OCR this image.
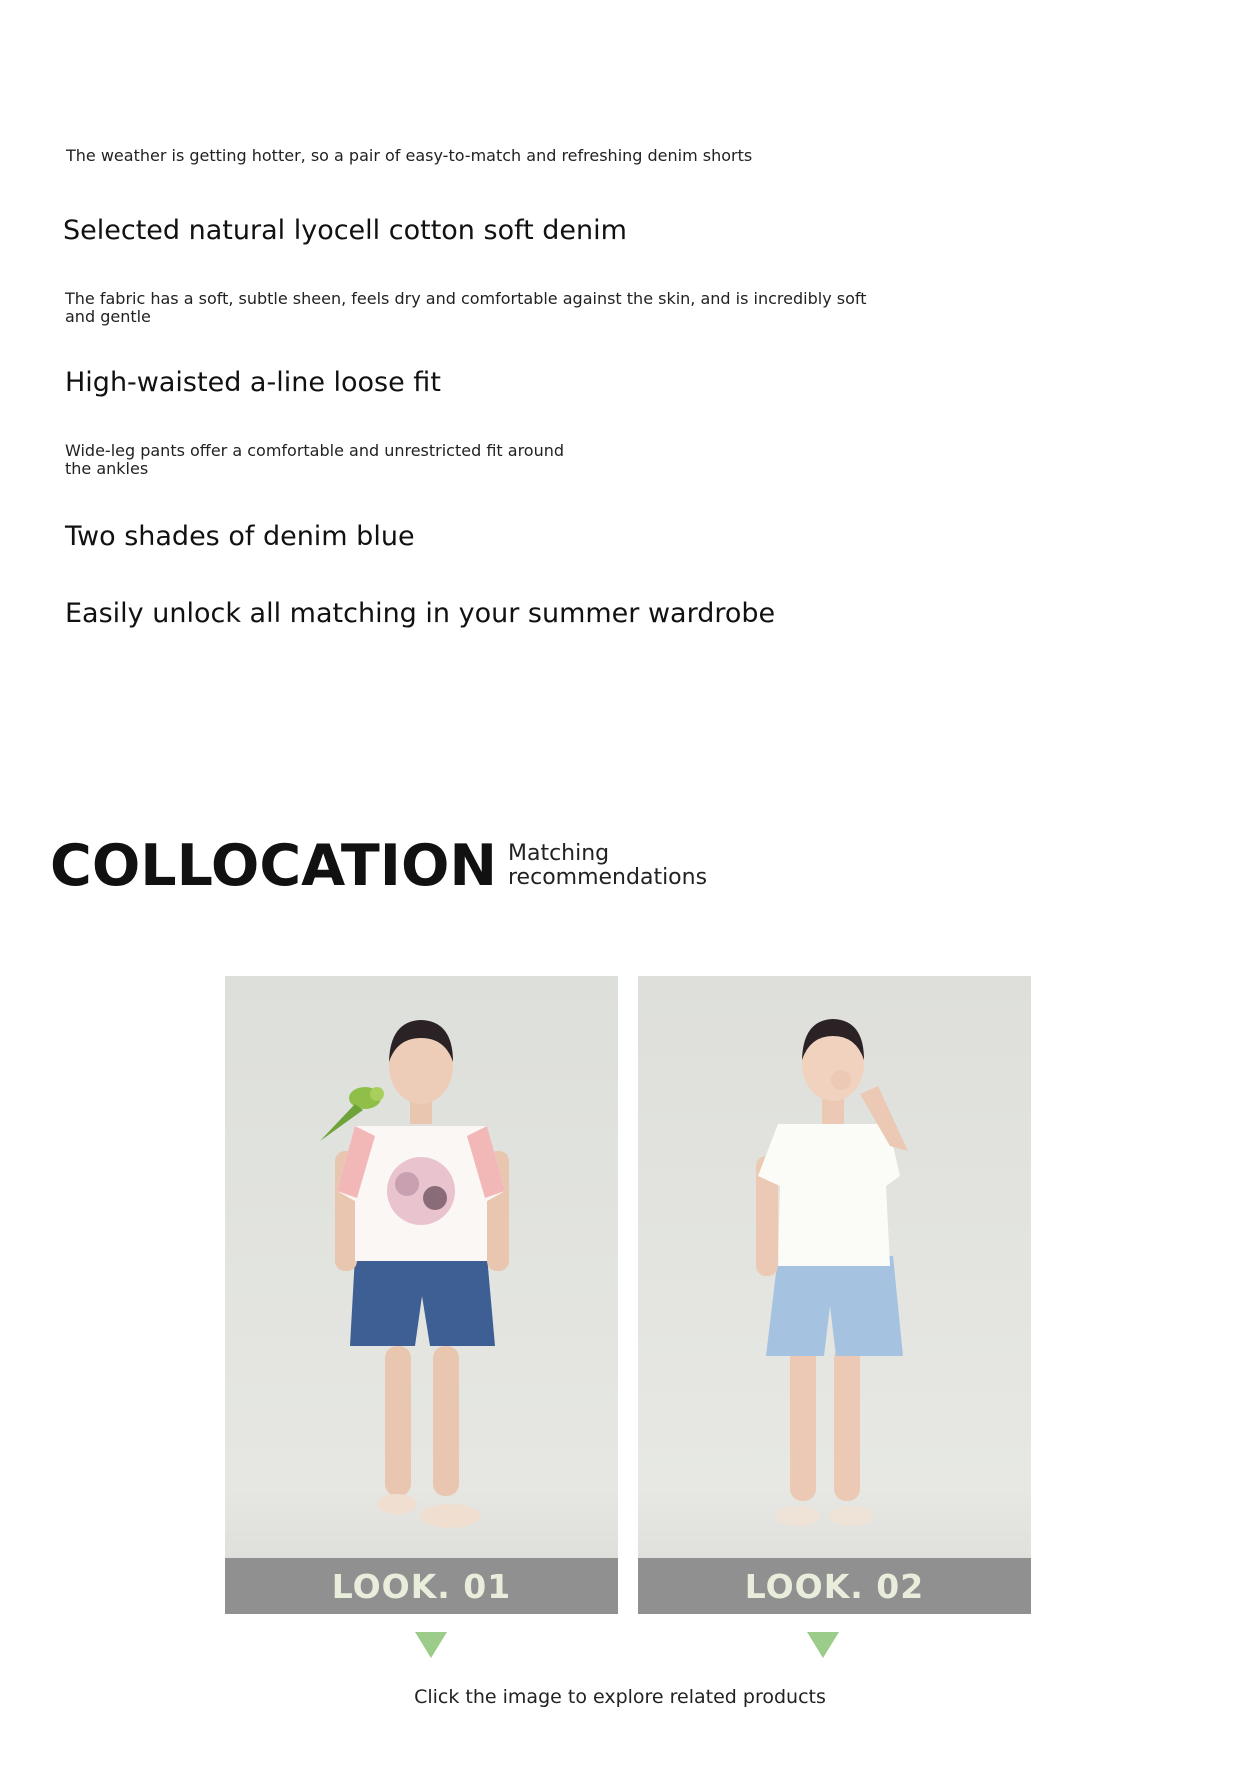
The weather is getting hotter, so a pair of easy-to-match and refreshing denim shorts
Selected natural lyocell cotton soft denim
The fabric has a soft, subtle sheen, feels dry and comfortable against the skin, and is incredibly soft and gentle
High-waisted a-line loose fit
Wide-leg pants offer a comfortable and unrestricted fit around the ankles
Two shades of denim blue
Easily unlock all matching in your summer wardrobe
COLLOCATION Matching
recommendations
LOOK. 01	LOOK. 02
Click the image to explore related products
